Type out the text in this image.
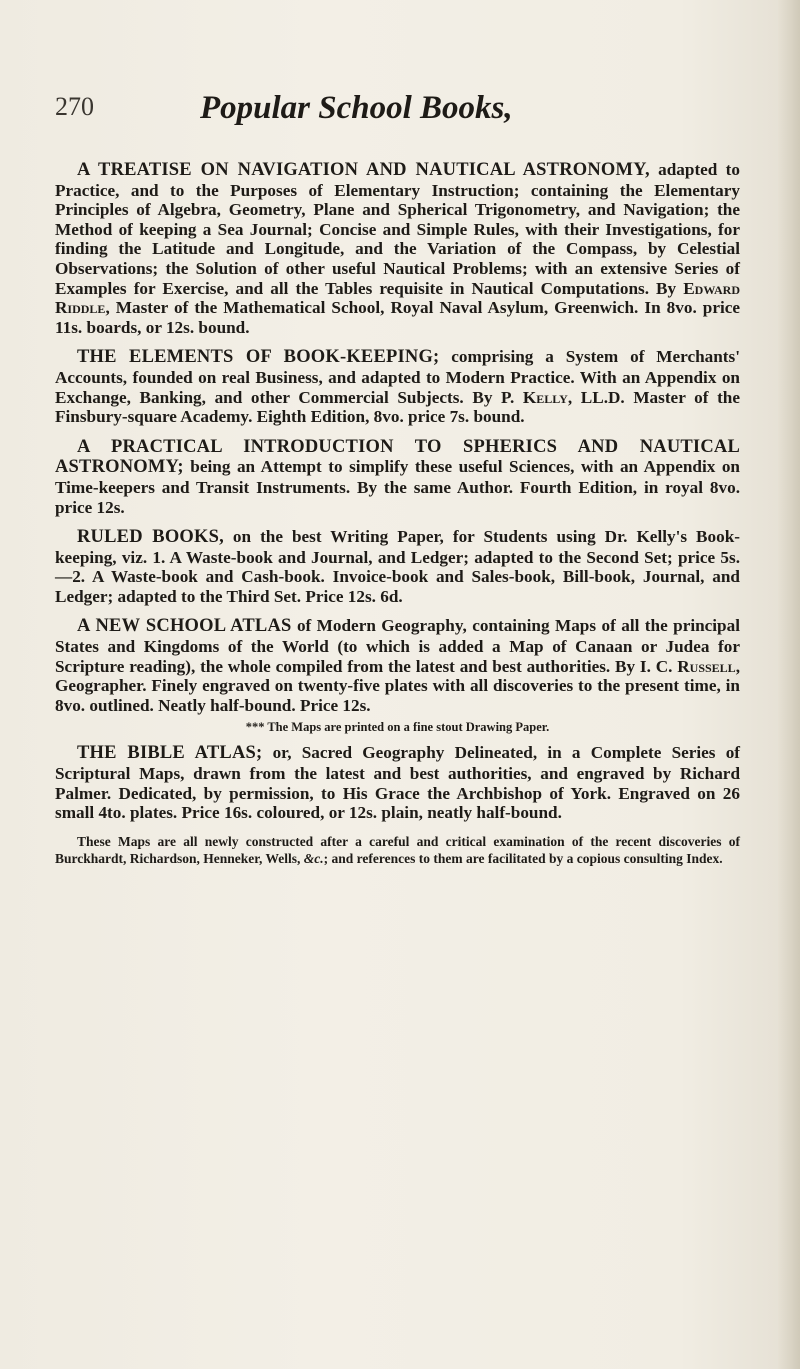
270	Popular School Books,

A TREATISE ON NAVIGATION AND NAUTICAL ASTRONOMY, adapted to Practice, and to the Purposes of Elementary Instruction; containing the Elementary Principles of Algebra, Geometry, Plane and Spherical Trigonometry, and Navigation; the Method of keeping a Sea Journal; Concise and Simple Rules, with their Investigations, for finding the Latitude and Longitude, and the Variation of the Compass, by Celestial Observations; the Solution of other useful Nautical Problems; with an extensive Series of Examples for Exercise, and all the Tables requisite in Nautical Computations. By Edward Riddle, Master of the Mathematical School, Royal Naval Asylum, Greenwich. In 8vo. price 11s. boards, or 12s. bound.

THE ELEMENTS OF BOOK-KEEPING; comprising a System of Merchants' Accounts, founded on real Business, and adapted to Modern Practice. With an Appendix on Exchange, Banking, and other Commercial Subjects. By P. Kelly, LL.D. Master of the Finsbury-square Academy. Eighth Edition, 8vo. price 7s. bound.

A PRACTICAL INTRODUCTION TO SPHERICS AND NAUTICAL ASTRONOMY; being an Attempt to simplify these useful Sciences, with an Appendix on Time-keepers and Transit Instruments. By the same Author. Fourth Edition, in royal 8vo. price 12s.

RULED BOOKS, on the best Writing Paper, for Students using Dr. Kelly's Book-keeping, viz. 1. A Waste-book and Journal, and Ledger; adapted to the Second Set; price 5s.—2. A Waste-book and Cash-book. Invoice-book and Sales-book, Bill-book, Journal, and Ledger; adapted to the Third Set. Price 12s. 6d.

A NEW SCHOOL ATLAS of Modern Geography, containing Maps of all the principal States and Kingdoms of the World (to which is added a Map of Canaan or Judea for Scripture reading), the whole compiled from the latest and best authorities. By I. C. Russell, Geographer. Finely engraved on twenty-five plates with all discoveries to the present time, in 8vo. outlined. Neatly half-bound. Price 12s.

*** The Maps are printed on a fine stout Drawing Paper.

THE BIBLE ATLAS; or, Sacred Geography Delineated, in a Complete Series of Scriptural Maps, drawn from the latest and best authorities, and engraved by Richard Palmer. Dedicated, by permission, to His Grace the Archbishop of York. Engraved on 26 small 4to. plates. Price 16s. coloured, or 12s. plain, neatly half-bound.

These Maps are all newly constructed after a careful and critical examination of the recent discoveries of Burckhardt, Richardson, Henneker, Wells, &c.; and references to them are facilitated by a copious consulting Index.
